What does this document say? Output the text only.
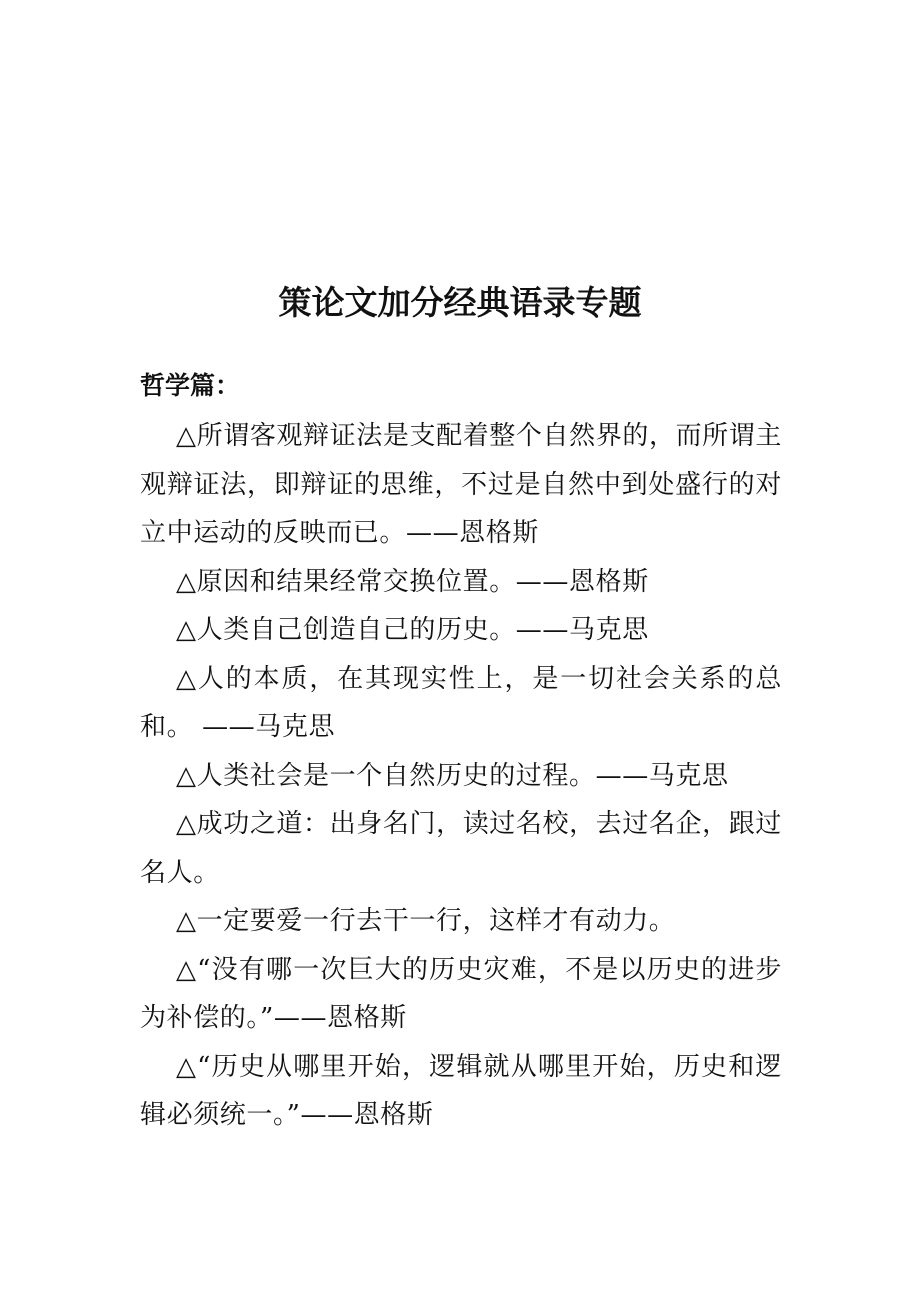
策论文加分经典语录专题
哲学篇：

△所谓客观辩证法是支配着整个自然界的，而所谓主观辩证法，即辩证的思维，不过是自然中到处盛行的对立中运动的反映而已。——恩格斯

△原因和结果经常交换位置。——恩格斯

△人类自己创造自己的历史。——马克思

△人的本质，在其现实性上，是一切社会关系的总和。 ——马克思

△人类社会是一个自然历史的过程。——马克思

△成功之道：出身名门，读过名校，去过名企，跟过名人。

△一定要爱一行去干一行，这样才有动力。

△“没有哪一次巨大的历史灾难，不是以历史的进步为补偿的。”——恩格斯

△“历史从哪里开始，逻辑就从哪里开始，历史和逻辑必须统一。”——恩格斯
